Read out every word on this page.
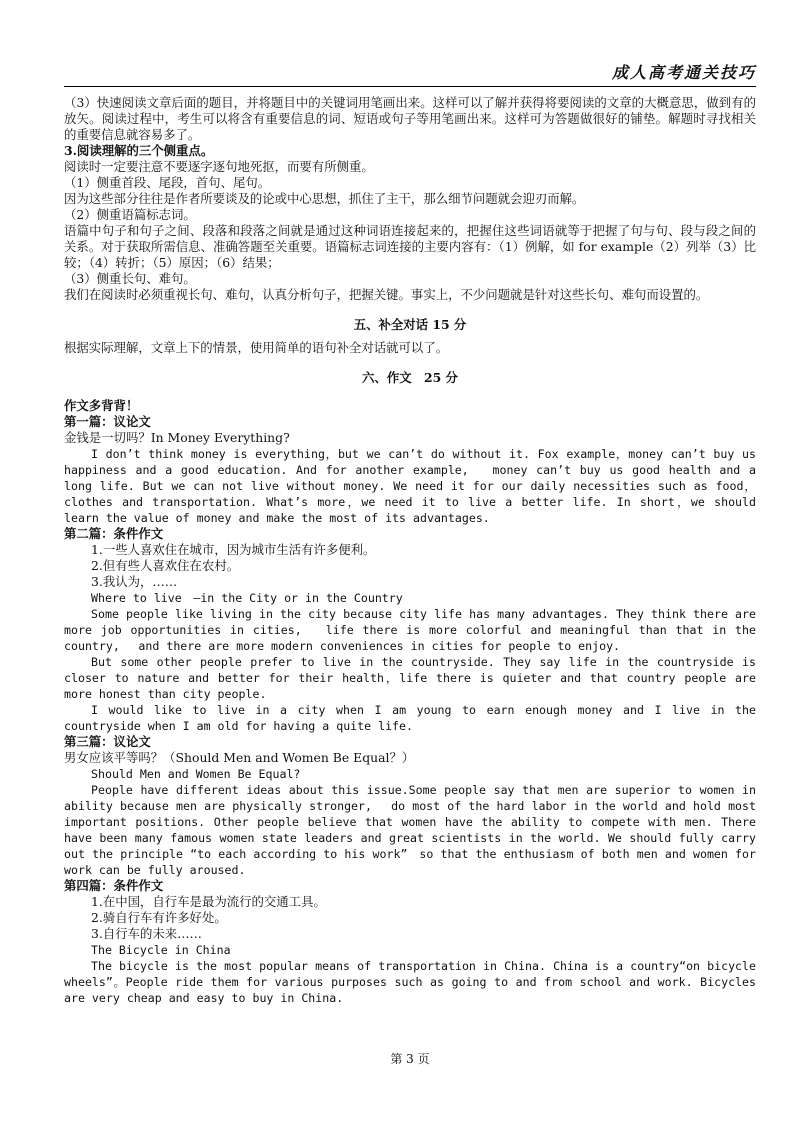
成人高考通关技巧

（3）快速阅读文章后面的题目，并将题目中的关键词用笔画出来。这样可以了解并获得将要阅读的文章的大概意思，做到有的放矢。阅读过程中，考生可以将含有重要信息的词、短语或句子等用笔画出来。这样可为答题做很好的铺垫。解题时寻找相关的重要信息就容易多了。

3.阅读理解的三个侧重点。

阅读时一定要注意不要逐字逐句地死抠，而要有所侧重。

（1）侧重首段、尾段，首句、尾句。

因为这些部分往往是作者所要谈及的论或中心思想，抓住了主干，那么细节问题就会迎刃而解。

（2）侧重语篇标志词。

语篇中句子和句子之间、段落和段落之间就是通过这种词语连接起来的，把握住这些词语就等于把握了句与句、段与段之间的关系。对于获取所需信息、准确答题至关重要。语篇标志词连接的主要内容有：（1）例解，如 for example（2）列举（3）比较；（4）转折；（5）原因；（6）结果；

（3）侧重长句、难句。

我们在阅读时必须重视长句、难句，认真分析句子，把握关键。事实上，不少问题就是针对这些长句、难句而设置的。

五、补全对话 15 分

根据实际理解，文章上下的情景，使用简单的语句补全对话就可以了。

六、作文　25 分

作文多背背！

第一篇：议论文

金钱是一切吗？In Money Everything?

I don’t think money is everything，but we can’t do without it. Fox example，money can’t buy us happiness and a good education. And for another example,　 money can’t buy us good health and a long life. But we can not live without money. We need it for our daily necessities such as food，clothes and transportation. What’s more，we need it to live a better life. In short，we should learn the value of money and make the most of its advantages.

第二篇：条件作文

1.一些人喜欢住在城市，因为城市生活有许多便利。

2.但有些人喜欢住在农村。

3.我认为，……

Where to live　—in the City or in the Country

Some people like living in the city because city life has many advantages. They think there are more job opportunities in cities,　 life there is more colorful and meaningful than that in the country,　 and there are more modern conveniences in cities for people to enjoy.

But some other people prefer to live in the countryside. They say life in the countryside is closer to nature and better for their health，life there is quieter and that country people are more honest than city people.

I would like to live in a city when I am young to earn enough money and I live in the countryside when I am old for having a quite life.

第三篇：议论文

男女应该平等吗？（Should Men and Women Be Equal？）

Should Men and Women Be Equal?

People have different ideas about this issue.Some people say that men are superior to women in ability because men are physically stronger,　 do most of the hard labor in the world and hold most important positions. Other people believe that women have the ability to compete with men. There have been many famous women state leaders and great scientists in the world. We should fully carry out the principle “to each according to his work”　so that the enthusiasm of both men and women for work can be fully aroused.

第四篇：条件作文

1.在中国，自行车是最为流行的交通工具。

2.骑自行车有许多好处。

3.自行车的未来……

The Bicycle in China

The bicycle is the most popular means of transportation in China. China is a country“on bicycle wheels”。People ride them for various purposes such as going to and from school and work. Bicycles are very cheap and easy to buy in China.

第 3 页
